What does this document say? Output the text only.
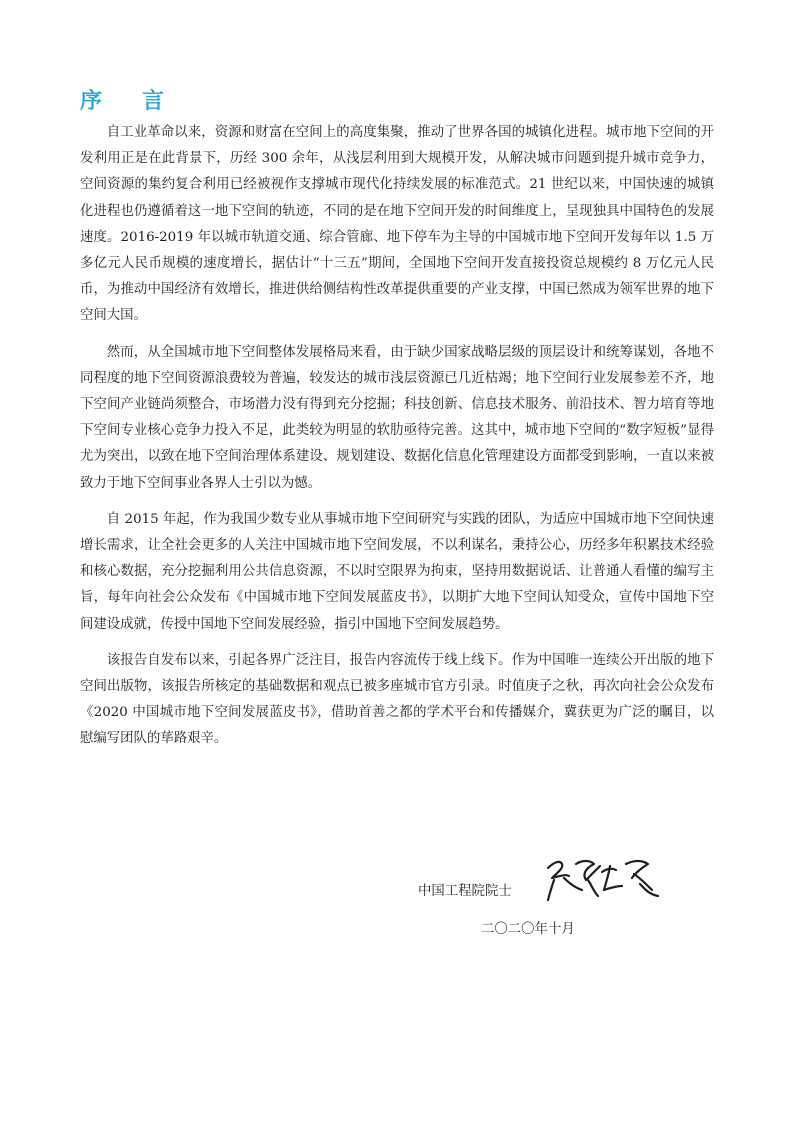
序言

自工业革命以来，资源和财富在空间上的高度集聚，推动了世界各国的城镇化进程。城市地下空间的开发利用正是在此背景下，历经 300 余年，从浅层利用到大规模开发，从解决城市问题到提升城市竞争力，空间资源的集约复合利用已经被视作支撑城市现代化持续发展的标准范式。21 世纪以来，中国快速的城镇化进程也仍遵循着这一地下空间的轨迹，不同的是在地下空间开发的时间维度上，呈现独具中国特色的发展速度。2016-2019 年以城市轨道交通、综合管廊、地下停车为主导的中国城市地下空间开发每年以 1.5 万多亿元人民币规模的速度增长，据估计“十三五”期间，全国地下空间开发直接投资总规模约 8 万亿元人民币，为推动中国经济有效增长，推进供给侧结构性改革提供重要的产业支撑，中国已然成为领军世界的地下空间大国。

然而，从全国城市地下空间整体发展格局来看，由于缺少国家战略层级的顶层设计和统筹谋划，各地不同程度的地下空间资源浪费较为普遍，较发达的城市浅层资源已几近枯竭；地下空间行业发展参差不齐，地下空间产业链尚须整合，市场潜力没有得到充分挖掘；科技创新、信息技术服务、前沿技术、智力培育等地下空间专业核心竞争力投入不足，此类较为明显的软肋亟待完善。这其中，城市地下空间的“数字短板”显得尤为突出，以致在地下空间治理体系建设、规划建设、数据化信息化管理建设方面都受到影响，一直以来被致力于地下空间事业各界人士引以为憾。

自 2015 年起，作为我国少数专业从事城市地下空间研究与实践的团队，为适应中国城市地下空间快速增长需求，让全社会更多的人关注中国城市地下空间发展，不以利谋名，秉持公心，历经多年积累技术经验和核心数据，充分挖掘利用公共信息资源，不以时空限界为拘束，坚持用数据说话、让普通人看懂的编写主旨，每年向社会公众发布《中国城市地下空间发展蓝皮书》，以期扩大地下空间认知受众，宣传中国地下空间建设成就，传授中国地下空间发展经验，指引中国地下空间发展趋势。

该报告自发布以来，引起各界广泛注目，报告内容流传于线上线下。作为中国唯一连续公开出版的地下空间出版物，该报告所核定的基础数据和观点已被多座城市官方引录。时值庚子之秋，再次向社会公众发布《2020 中国城市地下空间发展蓝皮书》，借助首善之都的学术平台和传播媒介，冀获更为广泛的瞩目，以慰编写团队的荜路艰辛。

中国工程院院士
二〇二〇年十月
